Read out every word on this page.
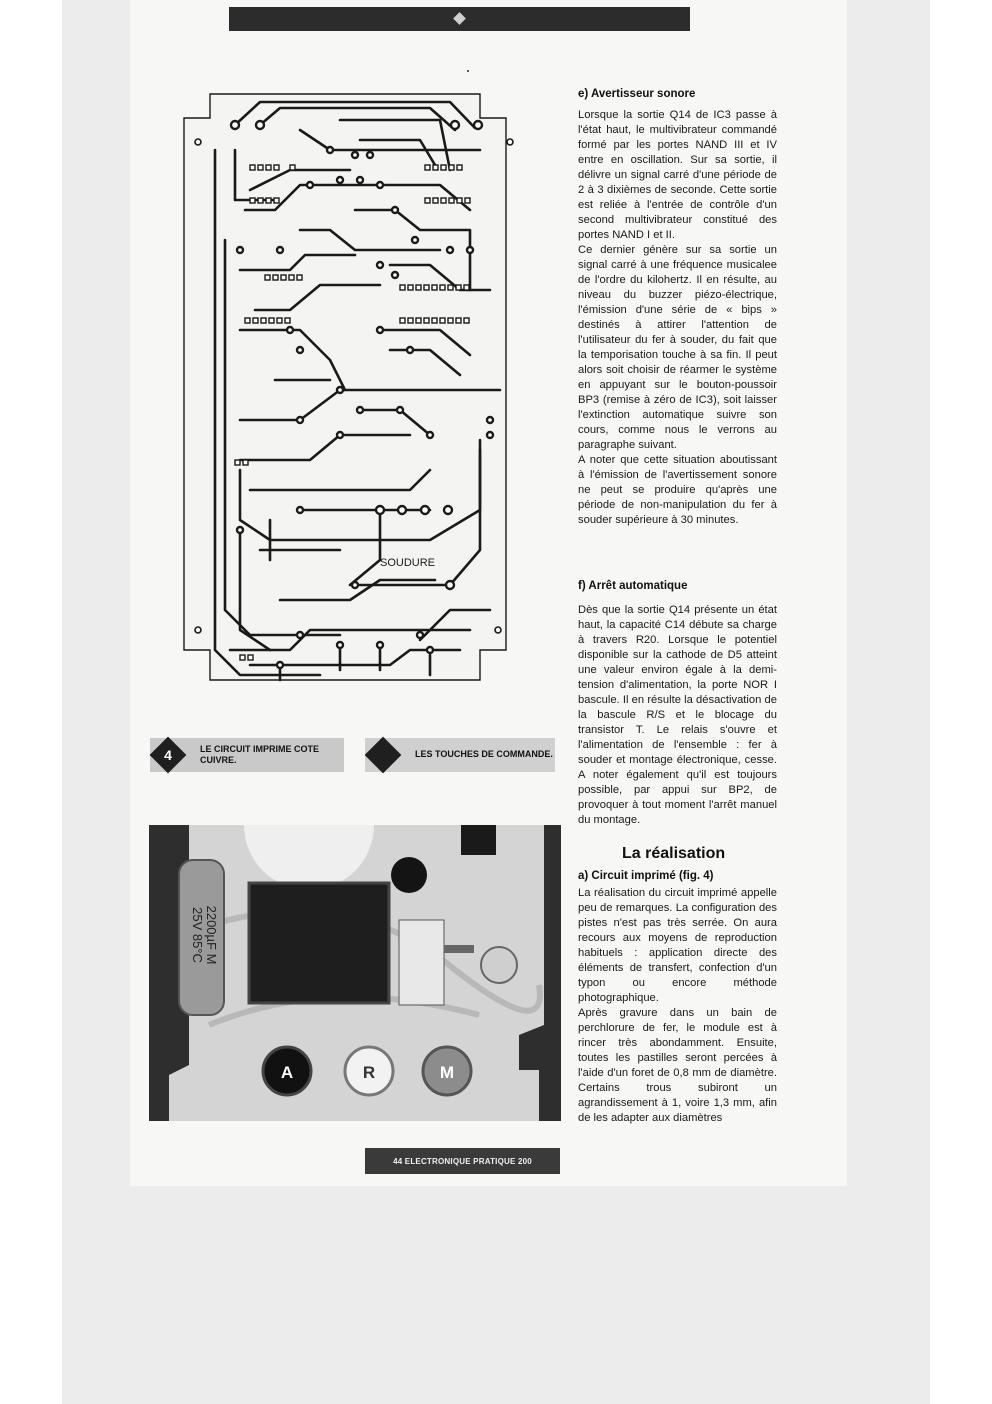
SOUDURE
4	LE CIRCUIT IMPRIME COTE CUIVRE.
LES TOUCHES DE COMMANDE.
2200µF M
25V 85°C
A	R	M
44 ELECTRONIQUE PRATIQUE 200
e) Avertisseur sonore

Lorsque la sortie Q14 de IC3 passe à l'état haut, le multivibrateur commandé formé par les portes NAND III et IV entre en oscillation. Sur sa sortie, il délivre un signal carré d'une période de 2 à 3 dixièmes de seconde. Cette sortie est reliée à l'entrée de contrôle d'un second multivibrateur constitué des portes NAND I et II.

Ce dernier génère sur sa sortie un signal carré à une fréquence musicalee de l'ordre du kilohertz. Il en résulte, au niveau du buzzer piézo-électrique, l'émission d'une série de « bips » destinés à attirer l'attention de l'utilisateur du fer à souder, du fait que la temporisation touche à sa fin. Il peut alors soit choisir de réarmer le système en appuyant sur le bouton-poussoir BP3 (remise à zéro de IC3), soit laisser l'extinction automatique suivre son cours, comme nous le verrons au paragraphe suivant.

A noter que cette situation aboutissant à l'émission de l'avertissement sonore ne peut se produire qu'après une période de non-manipulation du fer à souder supérieure à 30 minutes.

f) Arrêt automatique

Dès que la sortie Q14 présente un état haut, la capacité C14 débute sa charge à travers R20. Lorsque le potentiel disponible sur la cathode de D5 atteint une valeur environ égale à la demi-tension d'alimentation, la porte NOR I bascule. Il en résulte la désactivation de la bascule R/S et le blocage du transistor T. Le relais s'ouvre et l'alimentation de l'ensemble : fer à souder et montage électronique, cesse. A noter également qu'il est toujours possible, par appui sur BP2, de provoquer à tout moment l'arrêt manuel du montage.

La réalisation
a) Circuit imprimé (fig. 4)

La réalisation du circuit imprimé appelle peu de remarques. La configuration des pistes n'est pas très serrée. On aura recours aux moyens de reproduction habituels : application directe des éléments de transfert, confection d'un typon ou encore méthode photographique.

Après gravure dans un bain de perchlorure de fer, le module est à rincer très abondamment. Ensuite, toutes les pastilles seront percées à l'aide d'un foret de 0,8 mm de diamètre. Certains trous subiront un agrandissement à 1, voire 1,3 mm, afin de les adapter aux diamètres
